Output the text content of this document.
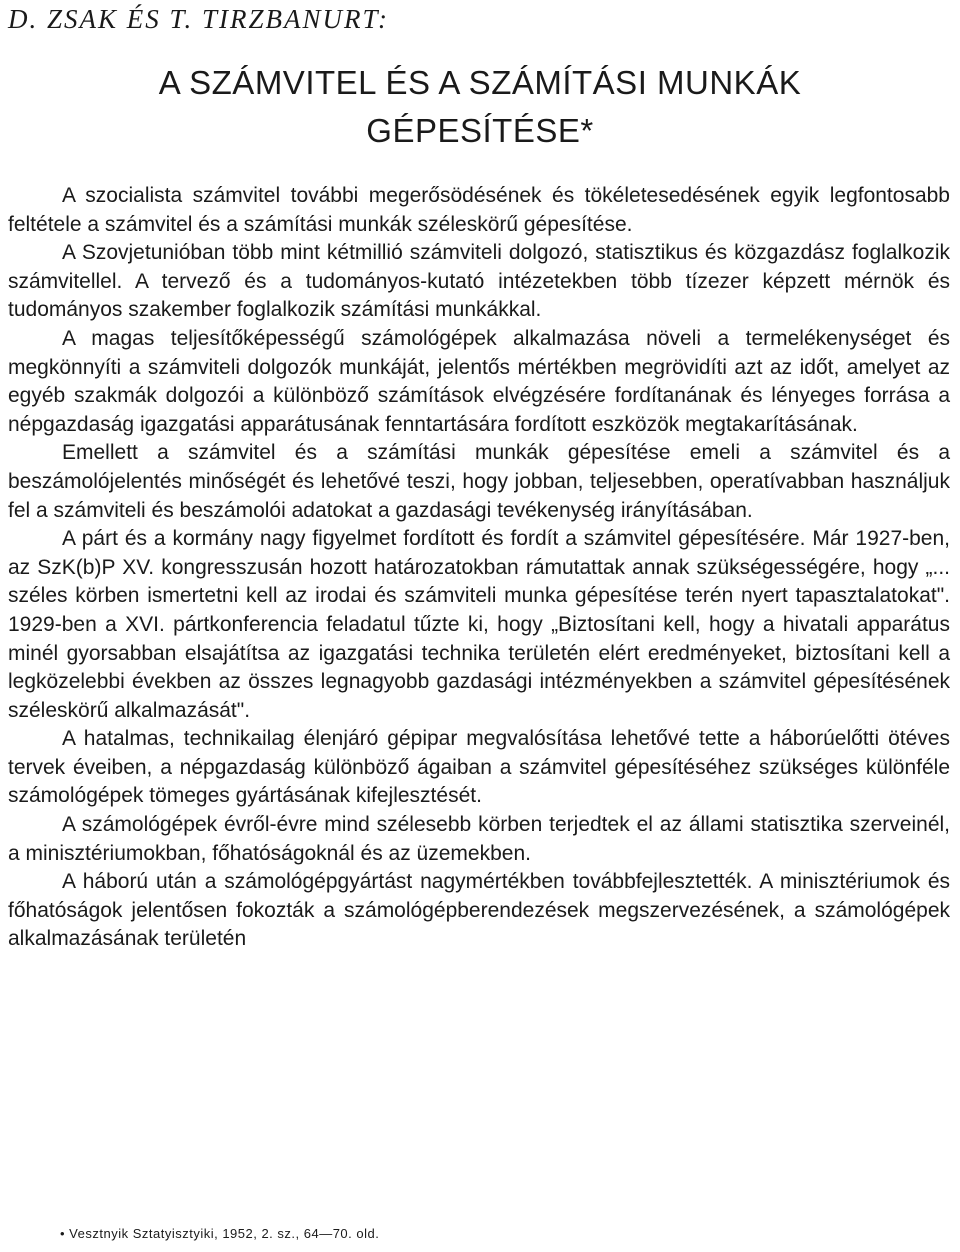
D. ZSAK ÉS T. TIRZBANURT:
A SZÁMVITEL ÉS A SZÁMÍTÁSI MUNKÁK
GÉPESÍTÉSE*

A szocialista számvitel további megerősödésének és tökéletesedésének egyik legfontosabb feltétele a számvitel és a számítási munkák széleskörű gépesítése.

A Szovjetunióban több mint kétmillió számviteli dolgozó, statisztikus és közgazdász foglalkozik számvitellel. A tervező és a tudományos-kutató intézetekben több tízezer képzett mérnök és tudományos szakember foglalkozik számítási munkákkal.

A magas teljesítőképességű számológépek alkalmazása növeli a termelékenységet és megkönnyíti a számviteli dolgozók munkáját, jelentős mértékben megrövidíti azt az időt, amelyet az egyéb szakmák dolgozói a különböző számítások elvégzésére fordítanának és lényeges forrása a népgazdaság igazgatási apparátusának fenntartására fordított eszközök megtakarításának.

Emellett a számvitel és a számítási munkák gépesítése emeli a számvitel és a beszámolójelentés minőségét és lehetővé teszi, hogy jobban, teljesebben, operatívabban használjuk fel a számviteli és beszámolói adatokat a gazdasági tevékenység irányításában.

A párt és a kormány nagy figyelmet fordított és fordít a számvitel gépesítésére. Már 1927-ben, az SzK(b)P XV. kongresszusán hozott határozatokban rámutattak annak szükségességére, hogy „... széles körben ismertetni kell az irodai és számviteli munka gépesítése terén nyert tapasztalatokat". 1929-ben a XVI. pártkonferencia feladatul tűzte ki, hogy „Biztosítani kell, hogy a hivatali apparátus minél gyorsabban elsajátítsa az igazgatási technika területén elért eredményeket, biztosítani kell a legközelebbi években az összes legnagyobb gazdasági intézményekben a számvitel gépesítésének széleskörű alkalmazását".

A hatalmas, technikailag élenjáró gépipar megvalósítása lehetővé tette a háborúelőtti ötéves tervek éveiben, a népgazdaság különböző ágaiban a számvitel gépesítéséhez szükséges különféle számológépek tömeges gyártásának kifejlesztését.

A számológépek évről-évre mind szélesebb körben terjedtek el az állami statisztika szerveinél, a minisztériumokban, főhatóságoknál és az üzemekben.

A háború után a számológépgyártást nagymértékben továbbfejlesztették. A minisztériumok és főhatóságok jelentősen fokozták a számológépberendezések megszervezésének, a számológépek alkalmazásának területén

• Vesztnyik Sztatyisztyiki, 1952, 2. sz., 64—70. old.
